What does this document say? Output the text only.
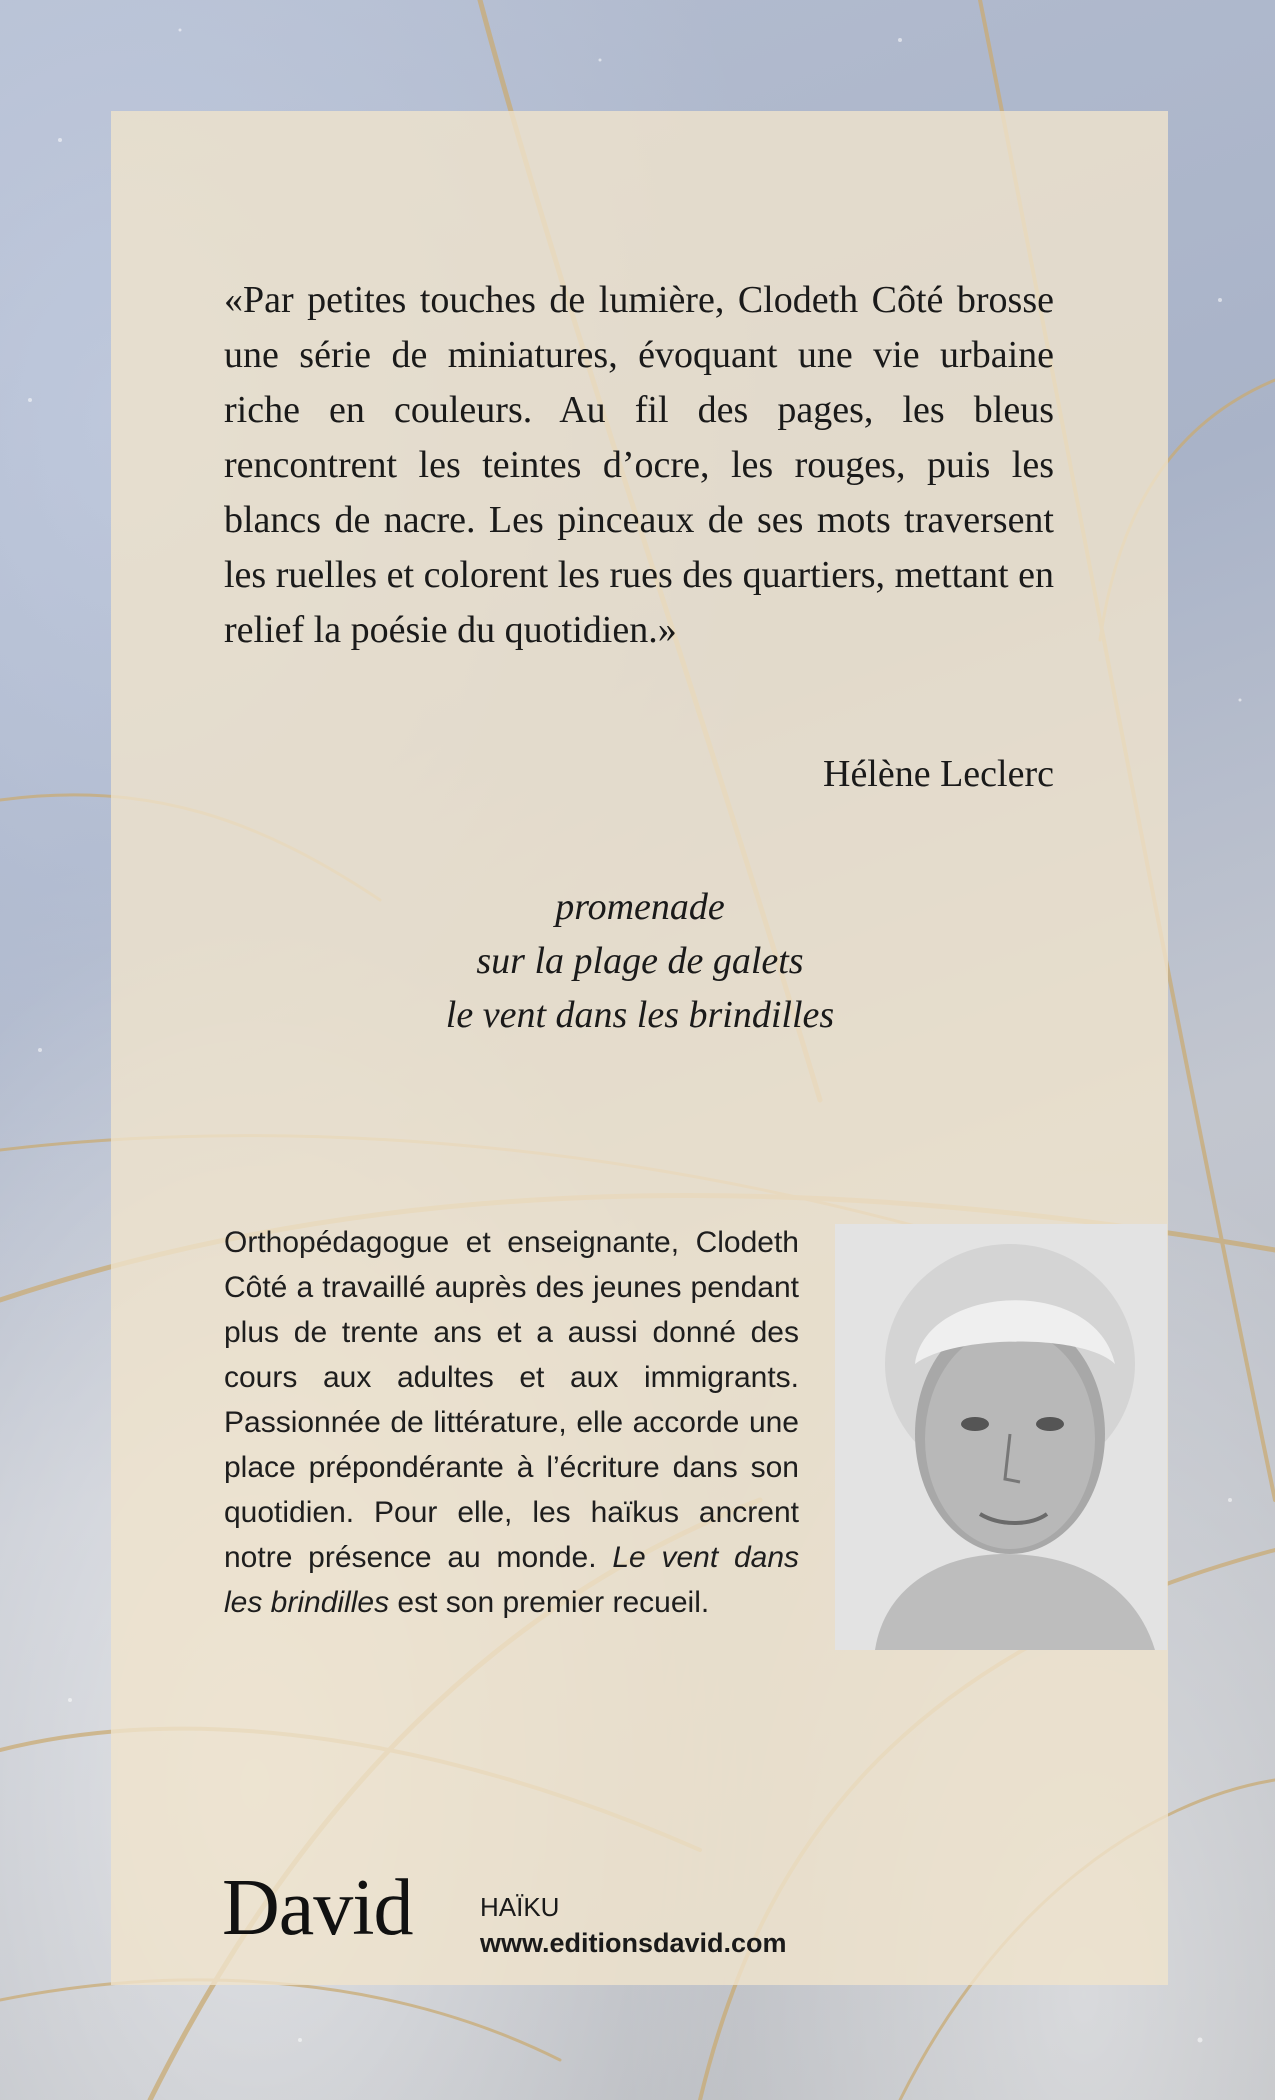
«Par petites touches de lumière, Clodeth Côté brosse une série de miniatures, évoquant une vie urbaine riche en couleurs. Au fil des pages, les bleus rencontrent les teintes d’ocre, les rouges, puis les blancs de nacre. Les pinceaux de ses mots traversent les ruelles et colorent les rues des quartiers, mettant en relief la poésie du quotidien.»

Hélène Leclerc
promenade
sur la plage de galets
le vent dans les brindilles

Orthopédagogue et enseignante, Clodeth Côté a travaillé auprès des jeunes pendant plus de trente ans et a aussi donné des cours aux adultes et aux immigrants. Passionnée de littérature, elle accorde une place prépondérante à l’écriture dans son quotidien. Pour elle, les haïkus ancrent notre présence au monde. Le vent dans les brindilles est son premier recueil.

David	HAÏKU
www.editionsdavid.com
